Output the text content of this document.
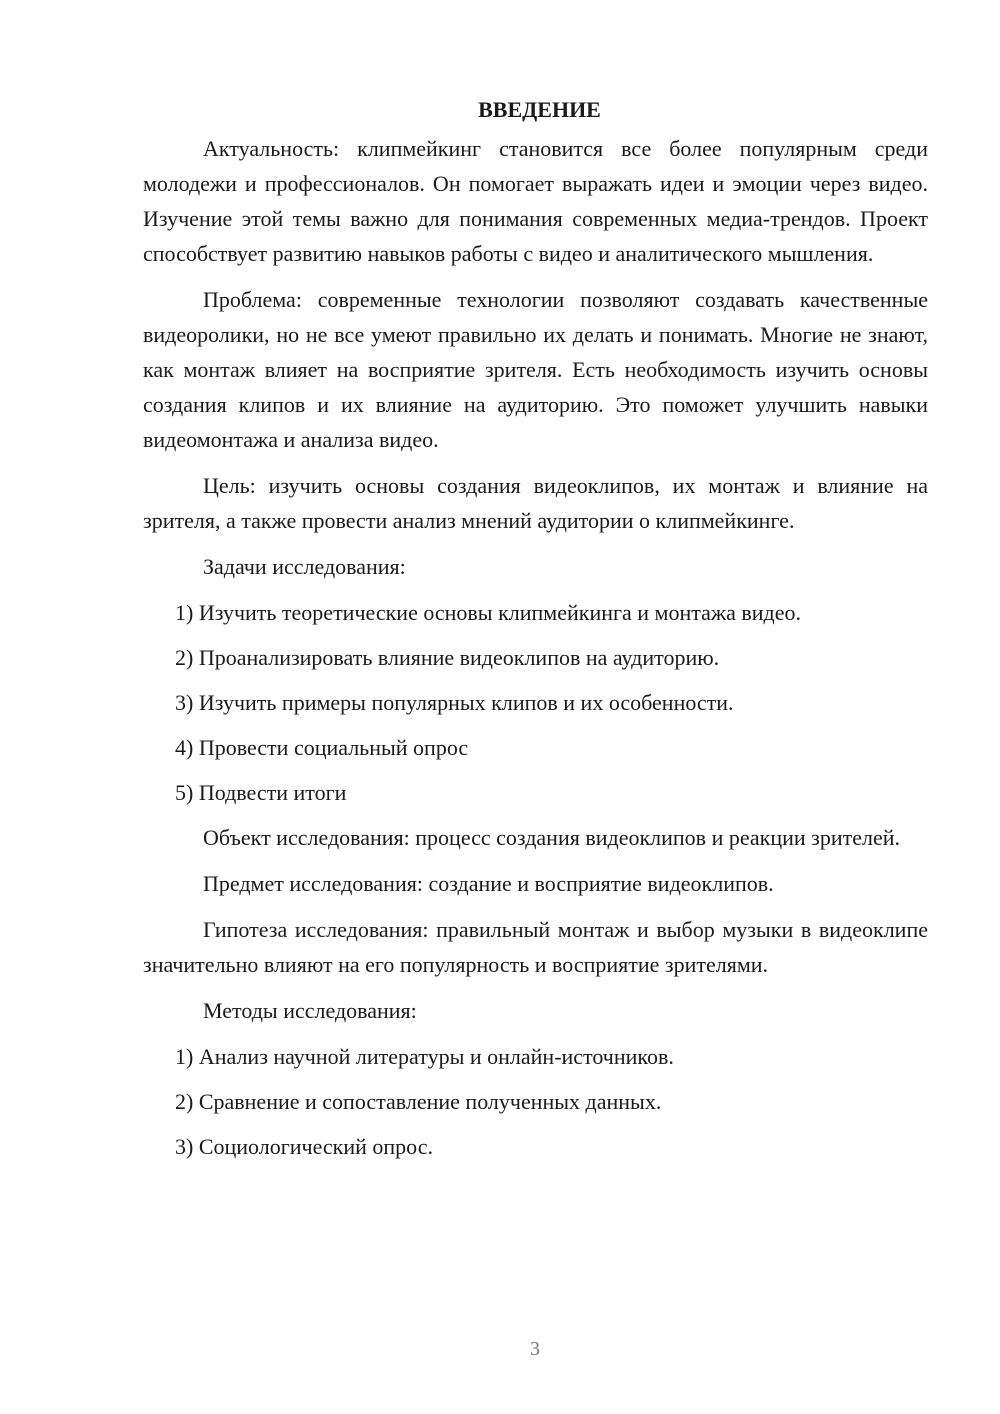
ВВЕДЕНИЕ

Актуальность: клипмейкинг становится все более популярным среди молодежи и профессионалов. Он помогает выражать идеи и эмоции через видео. Изучение этой темы важно для понимания современных медиа-трендов. Проект способствует развитию навыков работы с видео и аналитического мышления.

Проблема: современные технологии позволяют создавать качественные видеоролики, но не все умеют правильно их делать и понимать. Многие не знают, как монтаж влияет на восприятие зрителя. Есть необходимость изучить основы создания клипов и их влияние на аудиторию. Это поможет улучшить навыки видеомонтажа и анализа видео.

Цель: изучить основы создания видеоклипов, их монтаж и влияние на зрителя, а также провести анализ мнений аудитории о клипмейкинге.

Задачи исследования:

1) Изучить теоретические основы клипмейкинга и монтажа видео.
2) Проанализировать влияние видеоклипов на аудиторию.
3) Изучить примеры популярных клипов и их особенности.
4) Провести социальный опрос
5) Подвести итоги

Объект исследования: процесс создания видеоклипов и реакции зрителей.

Предмет исследования: создание и восприятие видеоклипов.

Гипотеза исследования: правильный монтаж и выбор музыки в видеоклипе значительно влияют на его популярность и восприятие зрителями.

Методы исследования:

1) Анализ научной литературы и онлайн-источников.
2) Сравнение и сопоставление полученных данных.
3) Социологический опрос.
3
